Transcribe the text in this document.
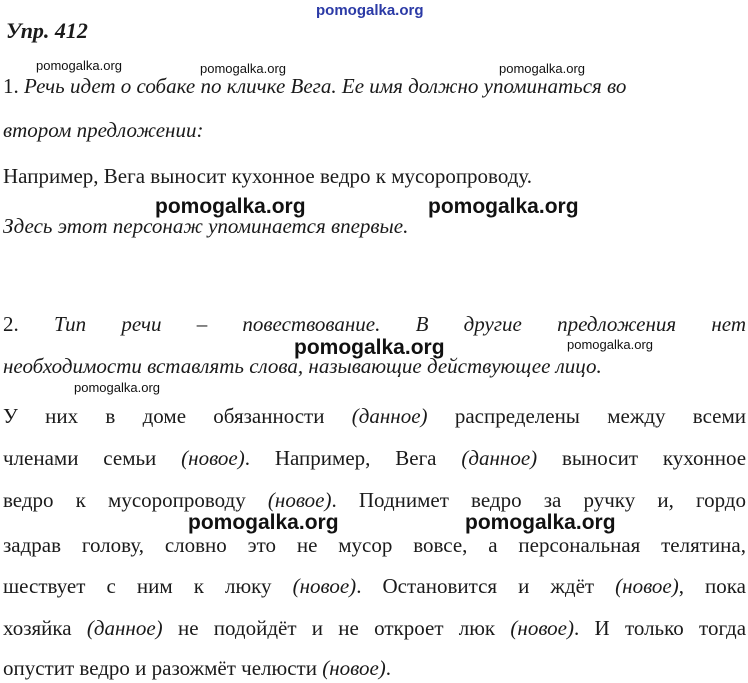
pomogalka.org
Упр. 412
pomogalka.org	pomogalka.org	pomogalka.org
pomogalka.org	pomogalka.org
pomogalka.org	pomogalka.org
pomogalka.org
pomogalka.org	pomogalka.org
1. Речь идет о собаке по кличке Вега. Ее имя должно упоминаться во
втором предложении:
Например, Вега выносит кухонное ведро к мусоропроводу.
Здесь этот персонаж упоминается впервые.
2. Тип речи – повествование. В другие предложения нет
необходимости вставлять слова, называющие действующее лицо.
У них в доме обязанности (данное) распределены между всеми
членами семьи (новое). Например, Вега (данное) выносит кухонное
ведро к мусоропроводу (новое). Поднимет ведро за ручку и, гордо
задрав голову, словно это не мусор вовсе, а персональная телятина,
шествует с ним к люку (новое). Остановится и ждёт (новое), пока
хозяйка (данное) не подойдёт и не откроет люк (новое). И только тогда
опустит ведро и разожмёт челюсти (новое).
